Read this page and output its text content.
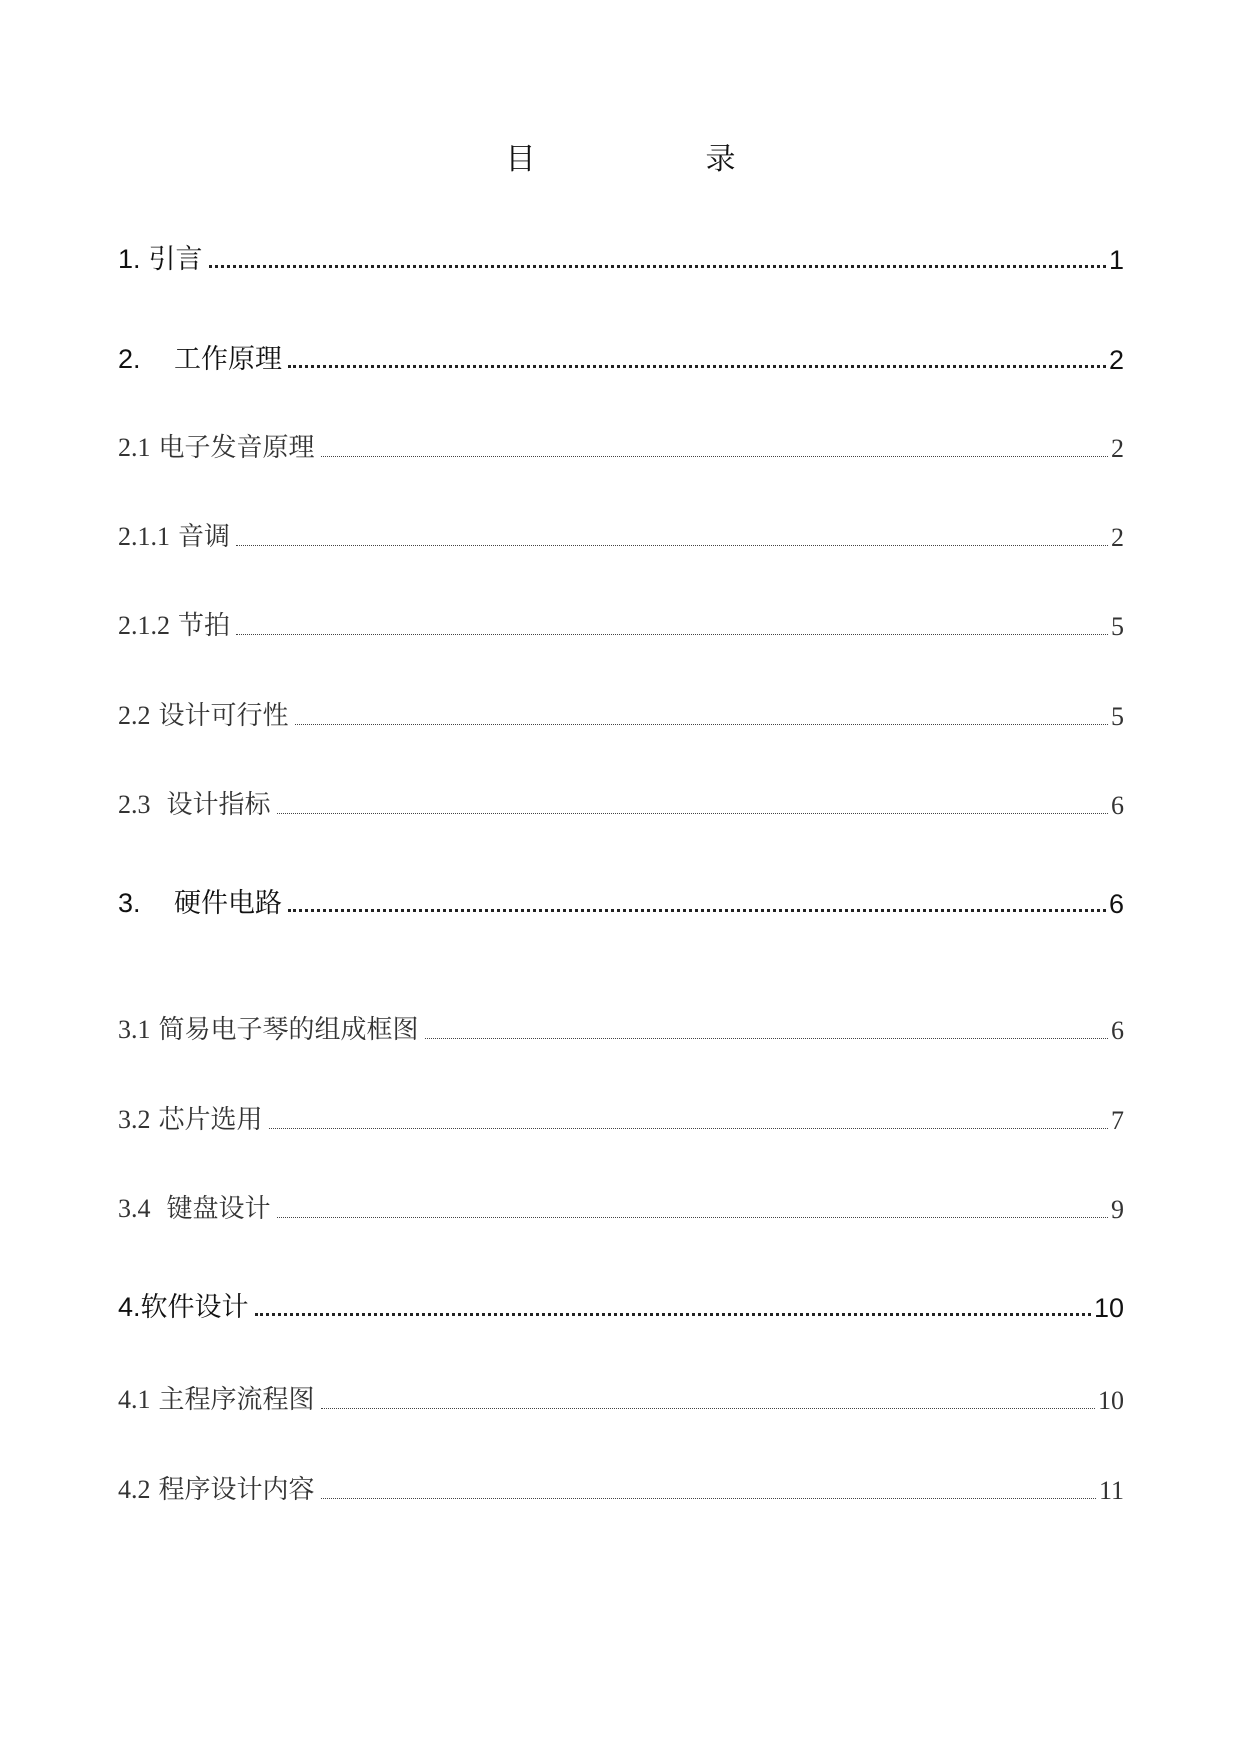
目	录
1. 引言	1
2. 工作原理	2
2.1 电子发音原理	2
2.1.1 音调	2
2.1.2 节拍	5
2.2 设计可行性	5
2.3 设计指标	6
3. 硬件电路	6
3.1 简易电子琴的组成框图	6
3.2 芯片选用	7
3.4 键盘设计	9
4.软件设计	10
4.1 主程序流程图	10
4.2 程序设计内容	11
